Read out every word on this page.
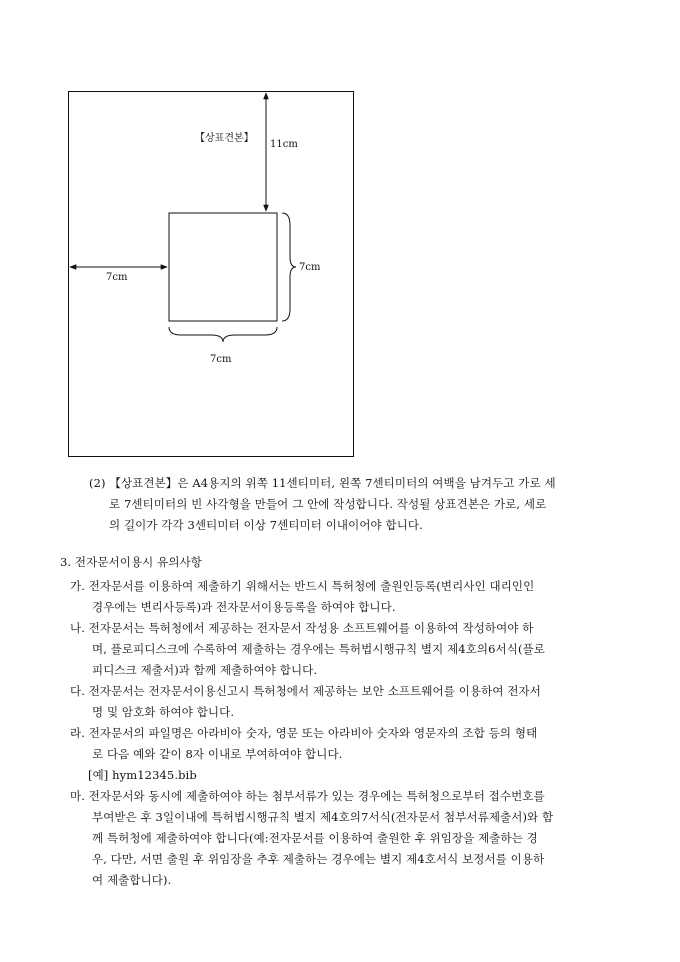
【상표견본】
11cm
7cm
7cm
7cm
(2) 【상표견본】은 A4용지의 위쪽 11센티미터, 왼쪽 7센티미터의 여백을 남겨두고 가로 세
로 7센티미터의 빈 사각형을 만들어 그 안에 작성합니다. 작성될 상표견본은 가로, 세로
의 길이가 각각 3센티미터 이상 7센티미터 이내이어야 합니다.
3. 전자문서이용시 유의사항
가. 전자문서를 이용하여 제출하기 위해서는 반드시 특허청에 출원인등록(변리사인 대리인인
경우에는 변리사등록)과 전자문서이용등록을 하여야 합니다.
나. 전자문서는 특허청에서 제공하는 전자문서 작성용 소프트웨어를 이용하여 작성하여야 하
며, 플로피디스크에 수록하여 제출하는 경우에는 특허법시행규칙 별지 제4호의6서식(플로
피디스크 제출서)과 함께 제출하여야 합니다.
다. 전자문서는 전자문서이용신고시 특허청에서 제공하는 보안 소프트웨어를 이용하여 전자서
명 및 암호화 하여야 합니다.
라. 전자문서의 파일명은 아라비아 숫자, 영문 또는 아라비아 숫자와 영문자의 조합 등의 형태
로 다음 예와 같이 8자 이내로 부여하여야 합니다.
[예] hym12345.bib
마. 전자문서와 동시에 제출하여야 하는 첨부서류가 있는 경우에는 특허청으로부터 접수번호를
부여받은 후 3일이내에 특허법시행규칙 별지 제4호의7서식(전자문서 첨부서류제출서)와 함
께 특허청에 제출하여야 합니다(예:전자문서를 이용하여 출원한 후 위임장을 제출하는 경
우, 다만, 서면 출원 후 위임장을 추후 제출하는 경우에는 별지 제4호서식 보정서를 이용하
여 제출합니다).
